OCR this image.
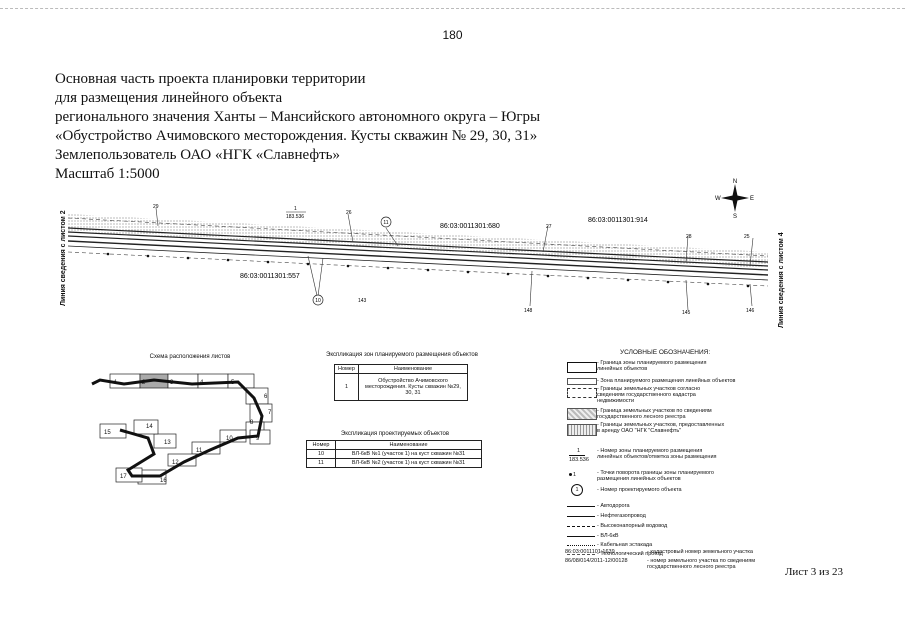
180
Основная часть проекта планировки территории
для размещения линейного объекта
регионального значения Ханты – Мансийского автономного округа – Югры
«Обустройство Ачимовского месторождения. Кусты скважин № 29, 30, 31»
Землепользователь ОАО «НГК «Славнефть»
Масштаб 1:5000	N
S
W	E
Линия сведения с листом 2	Линия сведения с листом 4
86:03:0011301:680
86:03:0011301:914
86:03:0011301:557
1
183.536
29
26
27
28	25
143
148	145	146
11
10
Схема расположения листов
1	2	3	4	5
6
7
8
9
10
11
12
13
14
15
16
17
Экспликация зон планируемого размещения объектов
Номер	Наименование
1	Обустройство Ачимовского месторождения. Кусты скважин №29, 30, 31
Экспликация проектируемых объектов
Номер	Наименование
10	ВЛ-6кВ №1 (участок 1) на куст скважин №31
11	ВЛ-6кВ №2 (участок 1) на куст скважин №31
УСЛОВНЫЕ ОБОЗНАЧЕНИЯ:
- Граница зоны планируемого размещения линейных объектов
- Зона планируемого размещения линейных объектов
- Границы земельных участков согласно сведениям государственного кадастра недвижимости
- Граница земельных участков по сведениям государственного лесного реестра
- Границы земельных участков, предоставленных в аренду ОАО "НГК "Славнефть"
1
183.536
- Номер зоны планируемого размещения линейных объектов/отметка зоны размещения
1	- Точки поворота границы зоны планируемого размещения линейных объектов
1	- Номер проектируемого объекта
- Автодорога
- Нефтегазопровод
- Высоконапорный водовод
- ВЛ-6кВ
- Кабельная эстакада
- Технологический проезд
86:03:0011101:1639	- кадастровый номер земельного участка
86/08/014/2011-12/00128	- номер земельного участка по сведениям государственного лесного реестра	Лист 3 из 23
